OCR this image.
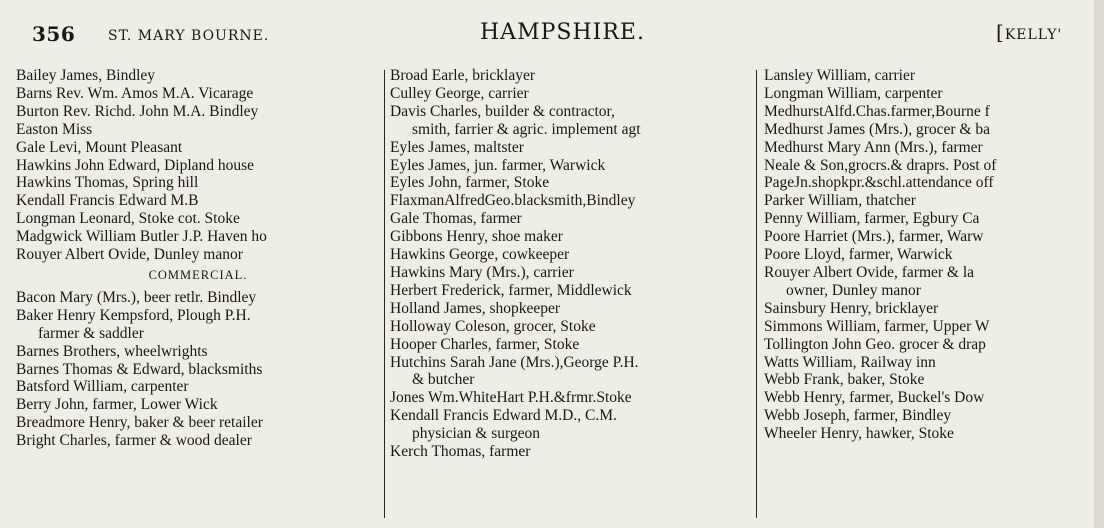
356 ST. MARY BOURNE.	HAMPSHIRE.	[KELLY'
Bailey James, Bindley
Barns Rev. Wm. Amos M.A. Vicarage
Burton Rev. Richd. John M.A. Bindley
Easton Miss
Gale Levi, Mount Pleasant
Hawkins John Edward, Dipland house
Hawkins Thomas, Spring hill
Kendall Francis Edward M.B
Longman Leonard, Stoke cot. Stoke
Madgwick William Butler J.P. Haven ho
Rouyer Albert Ovide, Dunley manor
COMMERCIAL.
Bacon Mary (Mrs.), beer retlr. Bindley
Baker Henry Kempsford, Plough P.H.
farmer & saddler
Barnes Brothers, wheelwrights
Barnes Thomas & Edward, blacksmiths
Batsford William, carpenter
Berry John, farmer, Lower Wick
Breadmore Henry, baker & beer retailer
Bright Charles, farmer & wood dealer
Broad Earle, bricklayer
Culley George, carrier
Davis Charles, builder & contractor,
smith, farrier & agric. implement agt
Eyles James, maltster
Eyles James, jun. farmer, Warwick
Eyles John, farmer, Stoke
FlaxmanAlfredGeo.blacksmith,Bindley
Gale Thomas, farmer
Gibbons Henry, shoe maker
Hawkins George, cowkeeper
Hawkins Mary (Mrs.), carrier
Herbert Frederick, farmer, Middlewick
Holland James, shopkeeper
Holloway Coleson, grocer, Stoke
Hooper Charles, farmer, Stoke
Hutchins Sarah Jane (Mrs.),George P.H.
& butcher
Jones Wm.WhiteHart P.H.&frmr.Stoke
Kendall Francis Edward M.D., C.M.
physician & surgeon
Kerch Thomas, farmer
Lansley William, carrier
Longman William, carpenter
MedhurstAlfd.Chas.farmer,Bourne f
Medhurst James (Mrs.), grocer & ba
Medhurst Mary Ann (Mrs.), farmer
Neale & Son,grocrs.& draprs. Post of
PageJn.shopkpr.&schl.attendance off
Parker William, thatcher
Penny William, farmer, Egbury Ca
Poore Harriet (Mrs.), farmer, Warw
Poore Lloyd, farmer, Warwick
Rouyer Albert Ovide, farmer & la
owner, Dunley manor
Sainsbury Henry, bricklayer
Simmons William, farmer, Upper W
Tollington John Geo. grocer & drap
Watts William, Railway inn
Webb Frank, baker, Stoke
Webb Henry, farmer, Buckel's Dow
Webb Joseph, farmer, Bindley
Wheeler Henry, hawker, Stoke
